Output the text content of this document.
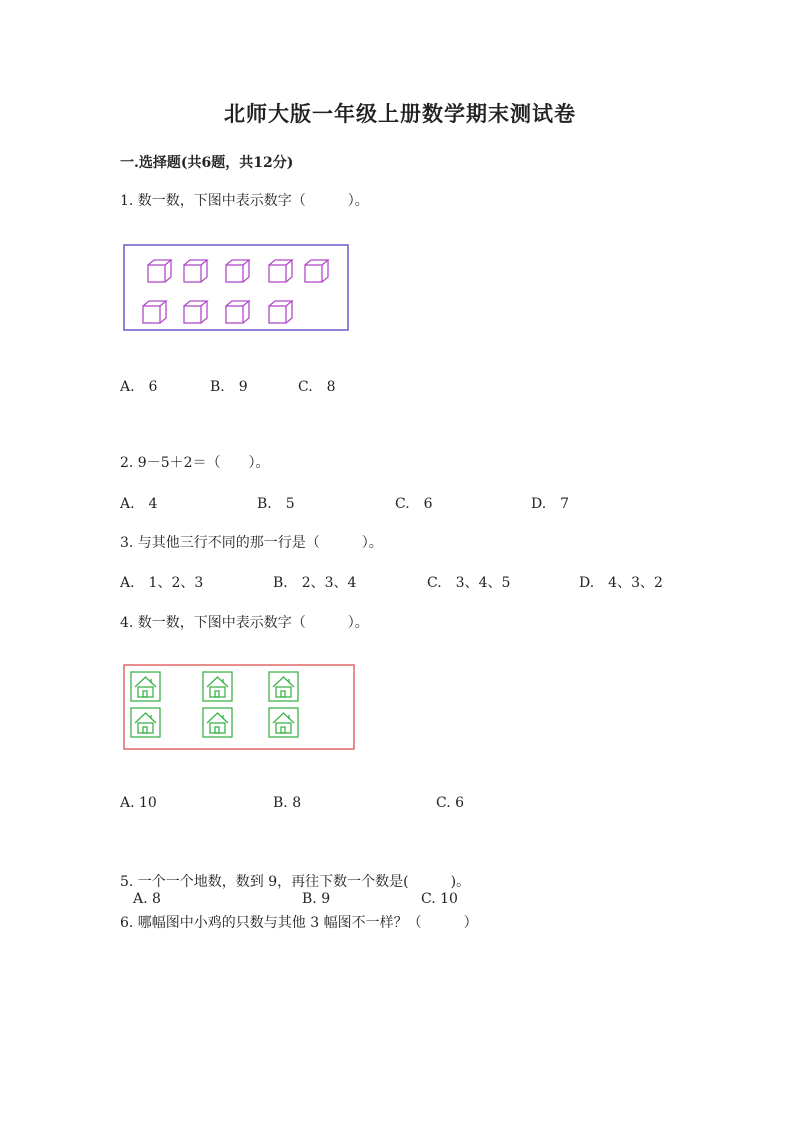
北师大版一年级上册数学期末测试卷
一.选择题(共6题，共12分)
1. 数一数，下图中表示数字（　　　）。
A.　6	B.　9	C.　8
2. 9－5＋2＝（　　）。
A.　4	B.　5	C.　6	D.　7
3. 与其他三行不同的那一行是（　　　）。
A.　1、2、3	B.　2、3、4	C.　3、4、5	D.　4、3、2
4. 数一数，下图中表示数字（　　　）。
A. 10	B. 8	C. 6
5. 一个一个地数，数到 9，再往下数一个数是(　　　)。
A. 8	B. 9	C. 10
6. 哪幅图中小鸡的只数与其他 3 幅图不一样？（　　　）
